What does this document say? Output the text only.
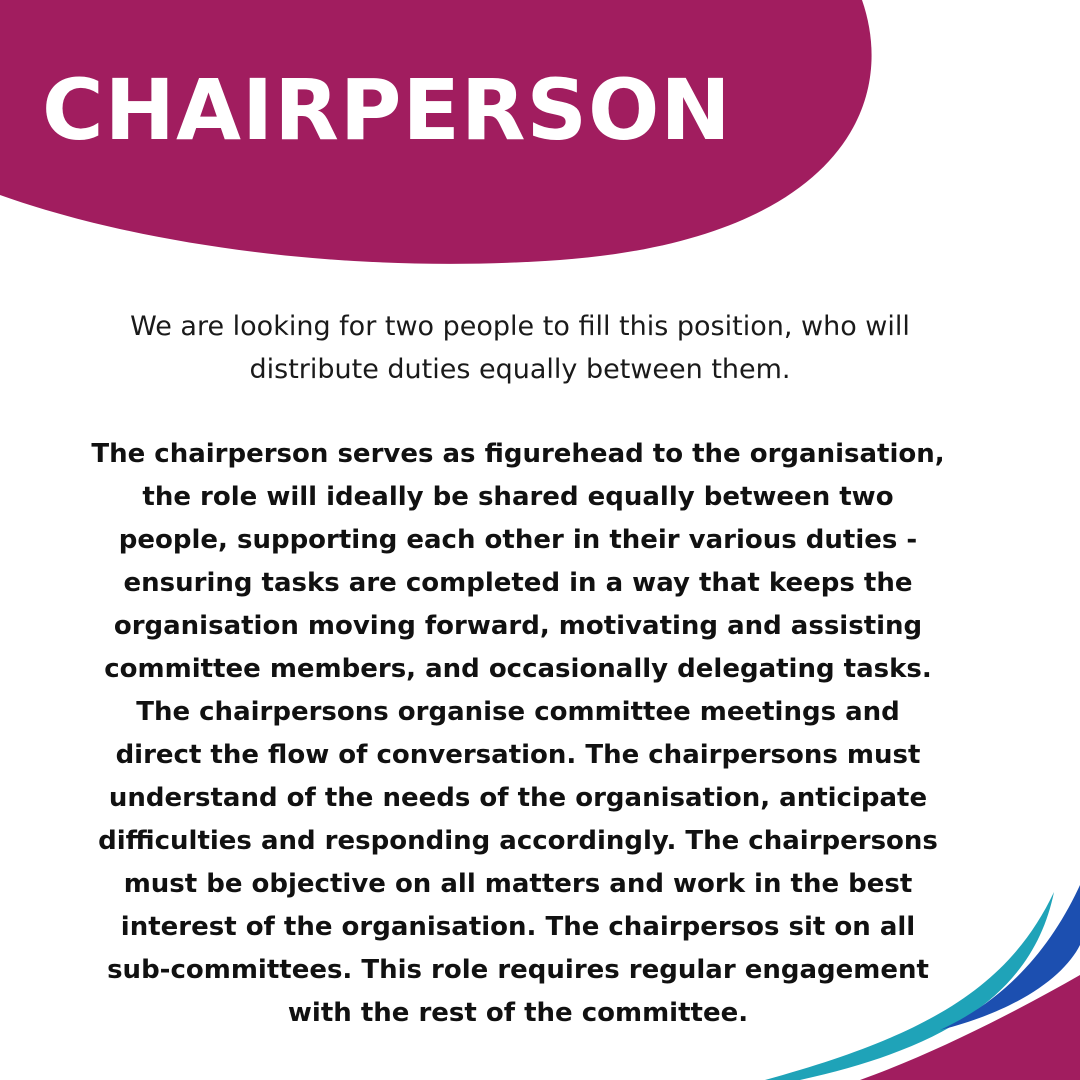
CHAIRPERSON

We are looking for two people to fill this position, who will
distribute duties equally between them.

The chairperson serves as figurehead to the organisation,
the role will ideally be shared equally between two
people, supporting each other in their various duties -
ensuring tasks are completed in a way that keeps the
organisation moving forward, motivating and assisting
committee members, and occasionally delegating tasks.
The chairpersons organise committee meetings and
direct the flow of conversation. The chairpersons must
understand of the needs of the organisation, anticipate
difficulties and responding accordingly. The chairpersons
must be objective on all matters and work in the best
interest of the organisation. The chairpersos sit on all
sub-committees. This role requires regular engagement
with the rest of the committee.
